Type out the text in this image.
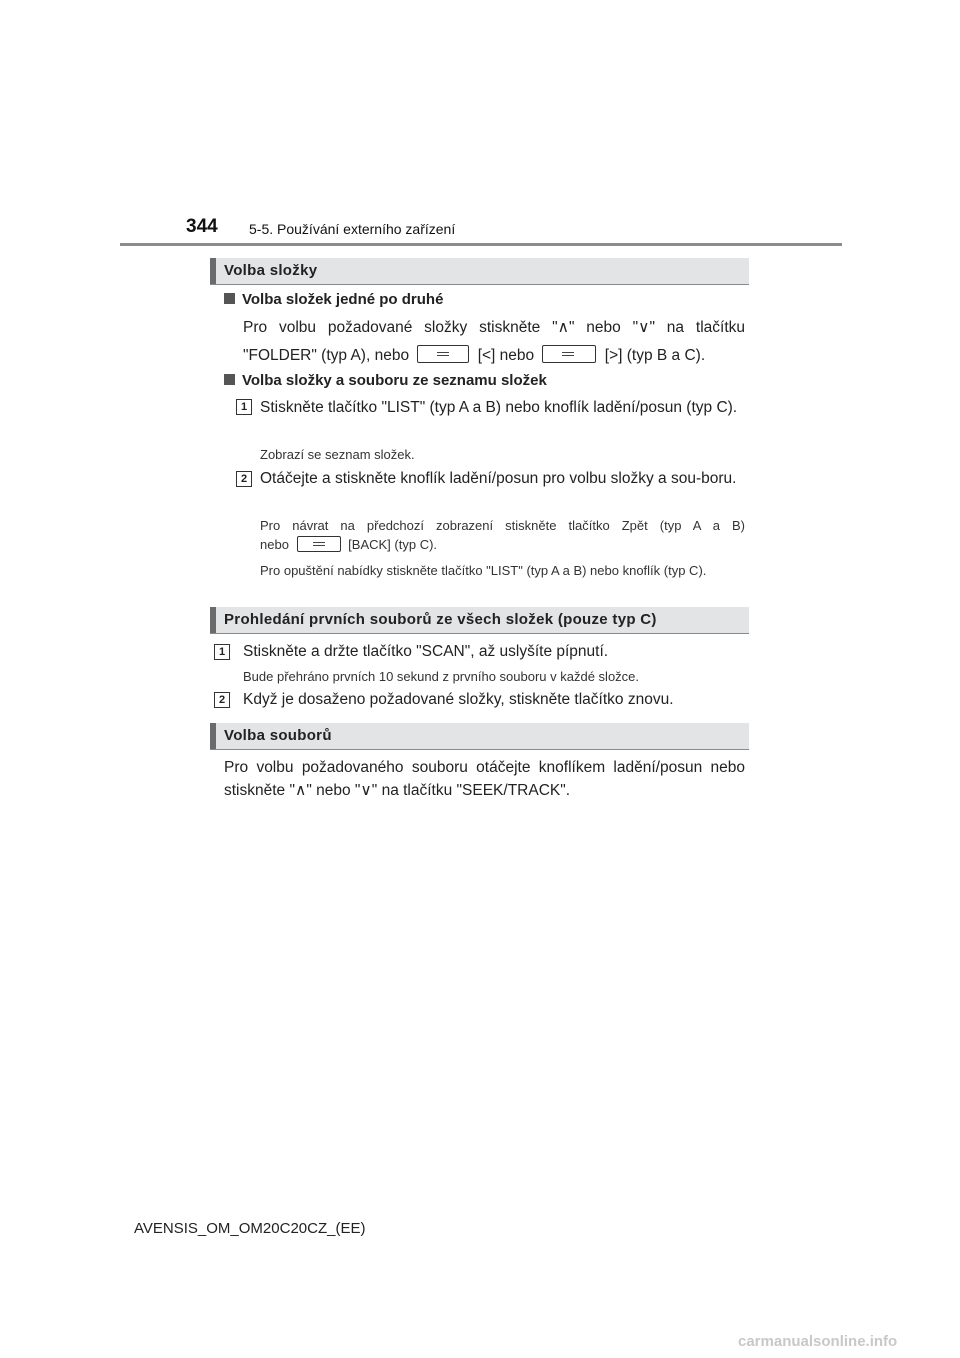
344 5-5. Používání externího zařízení
Volba složky
Volba složek jedné po druhé
Pro volbu požadované složky stiskněte "∧" nebo "∨" na tlačítku
"FOLDER" (typ A), nebo	[<] nebo	[>] (typ B a C).
Volba složky a souboru ze seznamu složek
1 Stiskněte tlačítko "LIST" (typ A a B) nebo knoflík ladění/posun (typ C).
Zobrazí se seznam složek.
2 Otáčejte a stiskněte knoflík ladění/posun pro volbu složky a sou-boru.
Pro návrat na předchozí zobrazení stiskněte tlačítko Zpět (typ A a B)
nebo	[BACK] (typ C).
Pro opuštění nabídky stiskněte tlačítko "LIST" (typ A a B) nebo knoflík (typ C).
Prohledání prvních souborů ze všech složek (pouze typ C)
1	Stiskněte a držte tlačítko "SCAN", až uslyšíte pípnutí.
Bude přehráno prvních 10 sekund z prvního souboru v každé složce.
2	Když je dosaženo požadované složky, stiskněte tlačítko znovu.
Volba souborů
Pro volbu požadovaného souboru otáčejte knoflíkem ladění/posun nebo stiskněte "∧" nebo "∨" na tlačítku "SEEK/TRACK".
AVENSIS_OM_OM20C20CZ_(EE)
carmanualsonline.info
